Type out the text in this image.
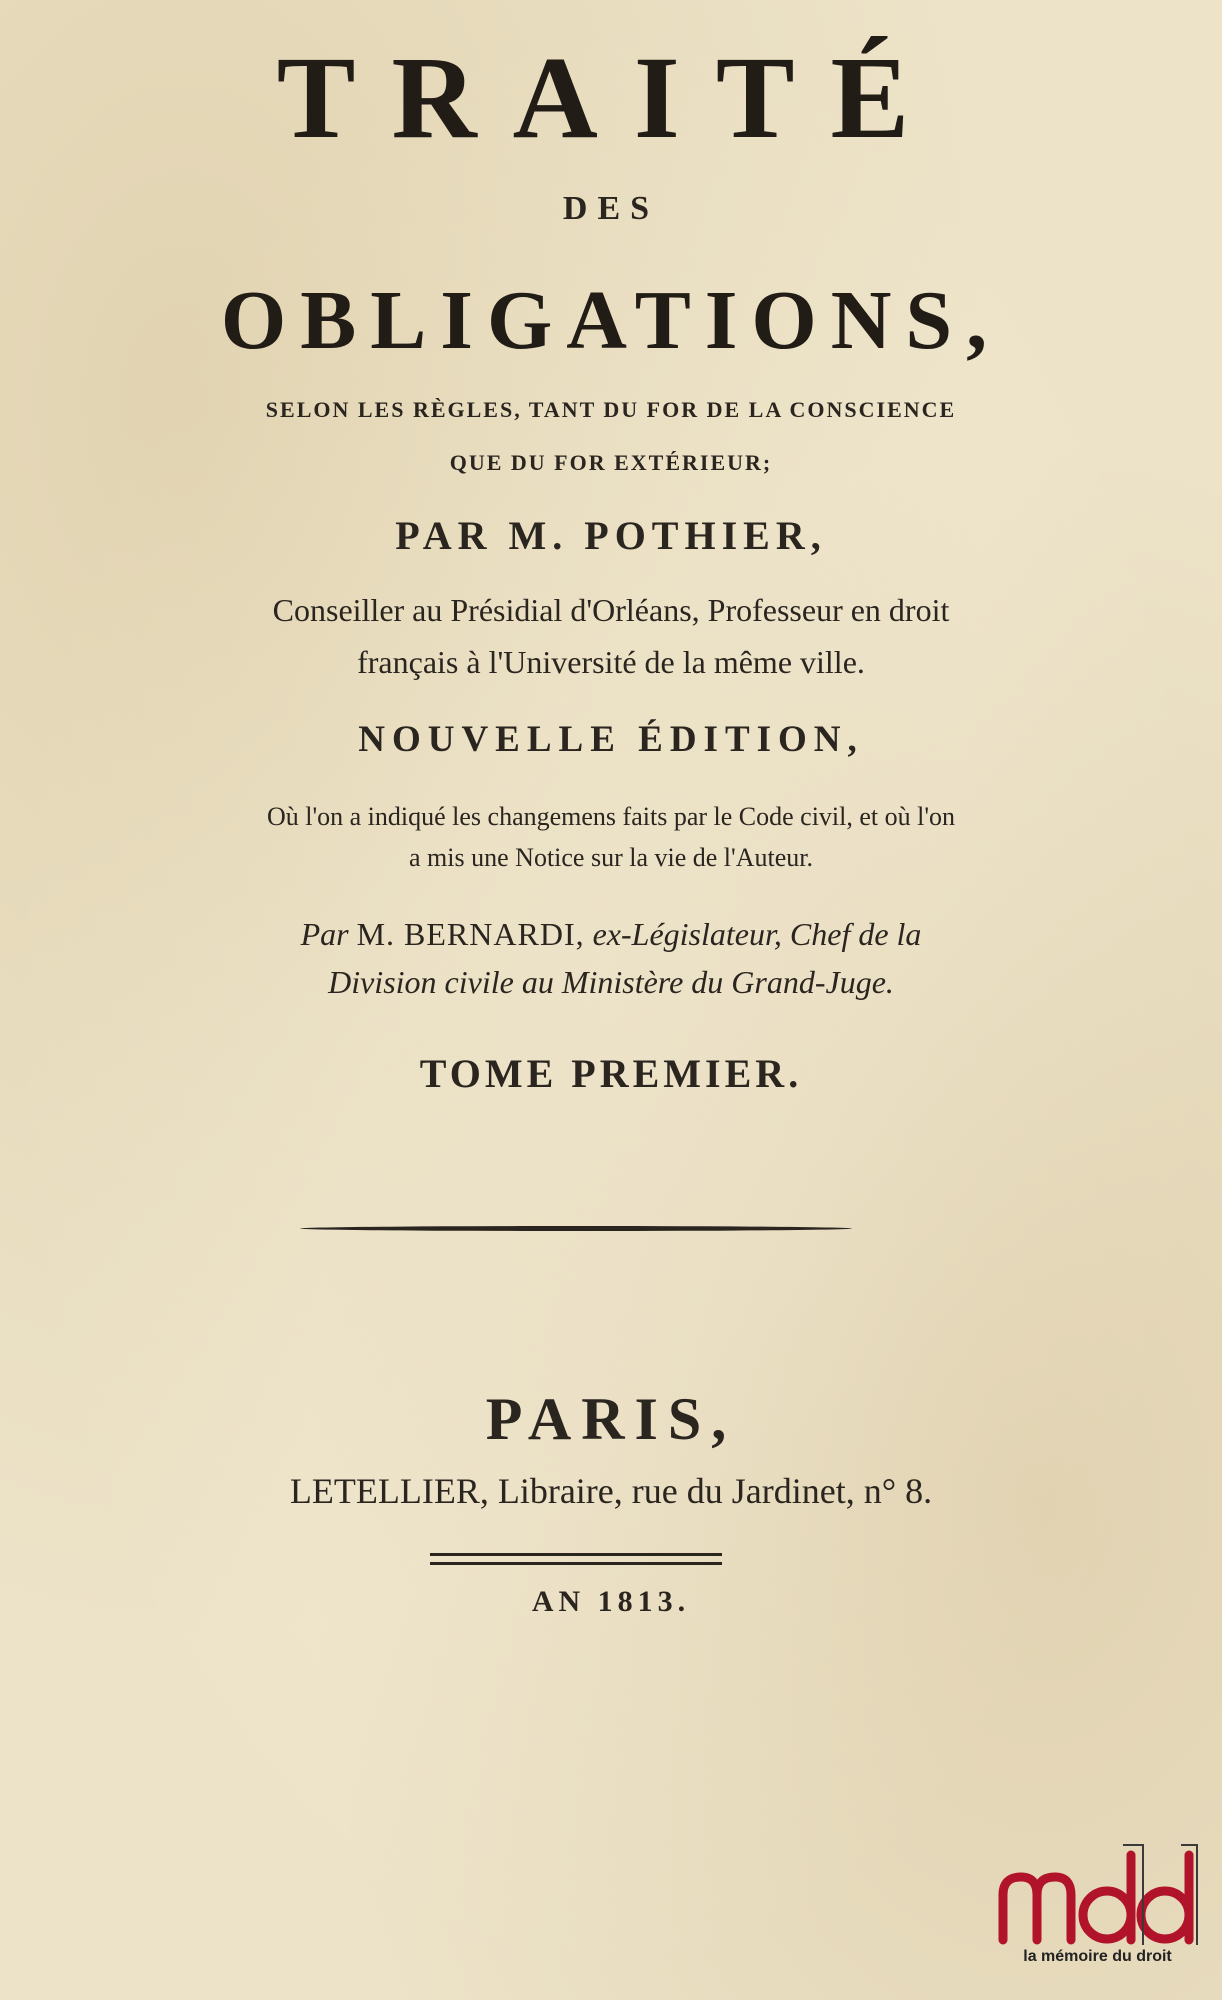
TRAITÉ
DES
OBLIGATIONS,
SELON LES RÈGLES, TANT DU FOR DE LA CONSCIENCE
QUE DU FOR EXTÉRIEUR;
PAR M. POTHIER,
Conseiller au Présidial d'Orléans, Professeur en droit
français à l'Université de la même ville.
NOUVELLE ÉDITION,
Où l'on a indiqué les changemens faits par le Code civil, et où l'on
a mis une Notice sur la vie de l'Auteur.
Par M. BERNARDI, ex-Législateur, Chef de la
Division civile au Ministère du Grand-Juge.
TOME PREMIER.
PARIS,
LETELLIER, Libraire, rue du Jardinet, n° 8.
AN 1813.
la mémoire du droit
